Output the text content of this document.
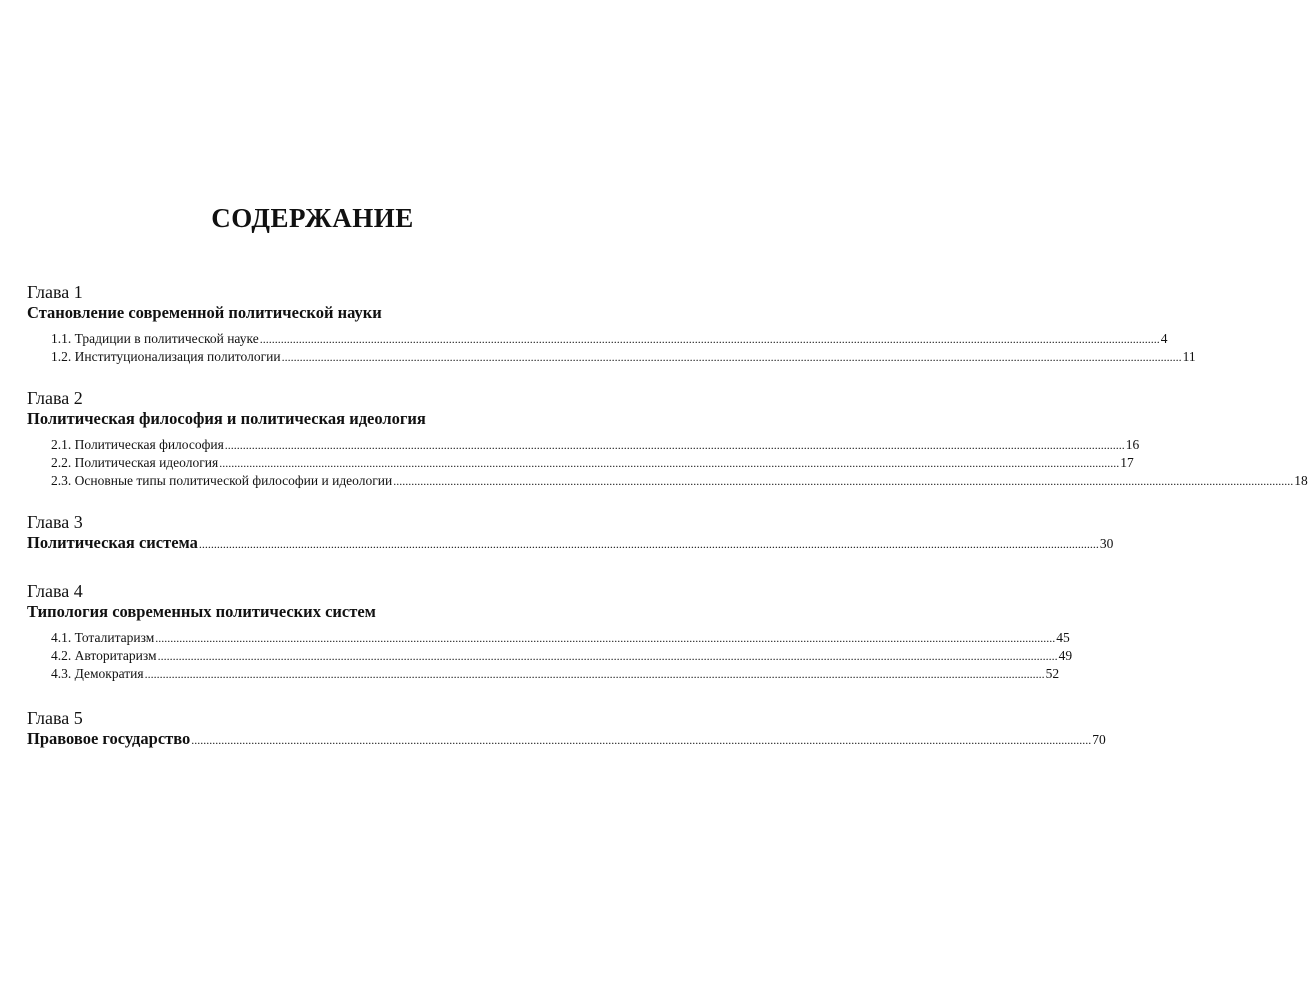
СОДЕРЖАНИЕ
Глава 1
Становление современной политической науки
1.1. Традиции в политической науке ............................................................................................................................................................................................................................................................................................................ 4
1.2. Институционализация политологии ............................................................................................................................................................................................................................................................................................................ 11
Глава 2
Политическая философия и политическая идеология
2.1. Политическая философия ............................................................................................................................................................................................................................................................................................................ 16
2.2. Политическая идеология ............................................................................................................................................................................................................................................................................................................ 17
2.3. Основные типы политической философии и идеологии ............................................................................................................................................................................................................................................................................................................ 18
Глава 3
Политическая система ............................................................................................................................................................................................................................................................................................................ 30
Глава 4
Типология современных политических систем
4.1. Тоталитаризм ............................................................................................................................................................................................................................................................................................................ 45
4.2. Авторитаризм ............................................................................................................................................................................................................................................................................................................ 49
4.3. Демократия ............................................................................................................................................................................................................................................................................................................ 52
Глава 5
Правовое государство ............................................................................................................................................................................................................................................................................................................ 70
